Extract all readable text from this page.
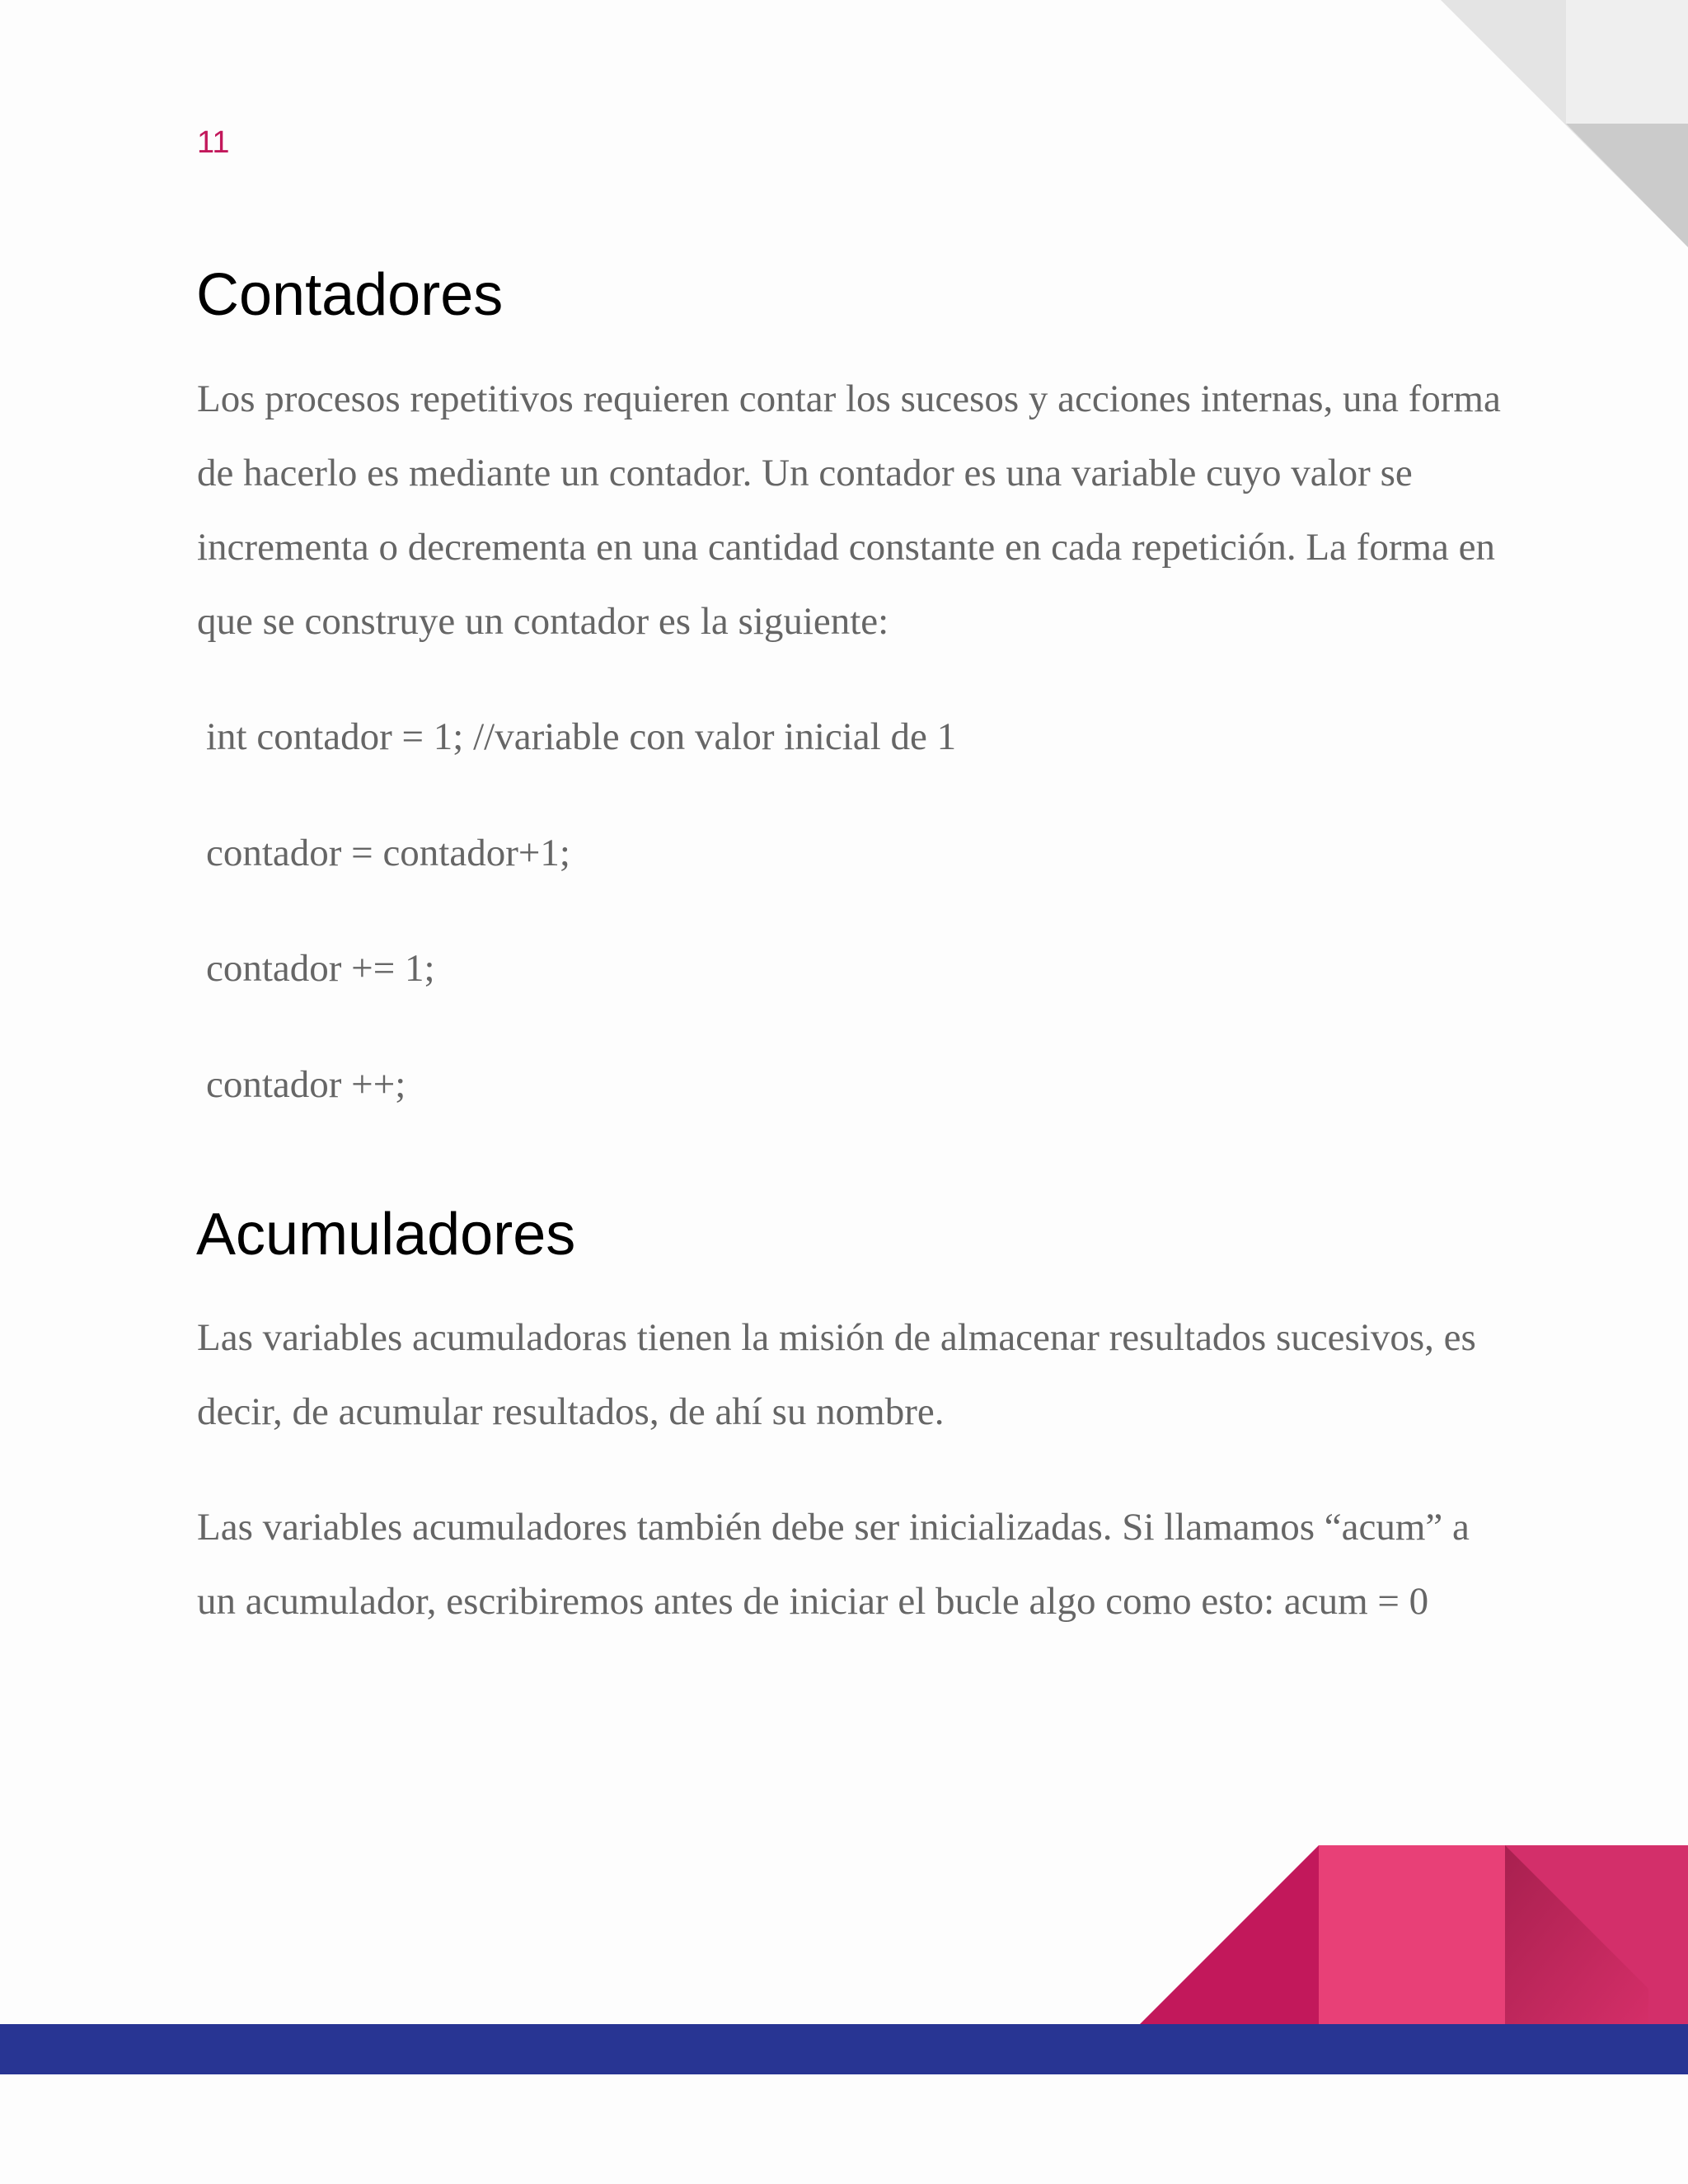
11
Contadores

Los procesos repetitivos requieren contar los sucesos y acciones internas, una forma de hacerlo es mediante un contador. Un contador es una variable cuyo valor se incrementa o decrementa en una cantidad constante en cada repetición. La forma en que se construye un contador es la siguiente:

int contador = 1; //variable con valor inicial de 1

contador = contador+1;

contador += 1;

contador ++;

Acumuladores

Las variables acumuladoras tienen la misión de almacenar resultados sucesivos, es decir, de acumular resultados, de ahí su nombre.

Las variables acumuladores también debe ser inicializadas. Si llamamos “acum” a un acumulador, escribiremos antes de iniciar el bucle algo como esto: acum = 0
